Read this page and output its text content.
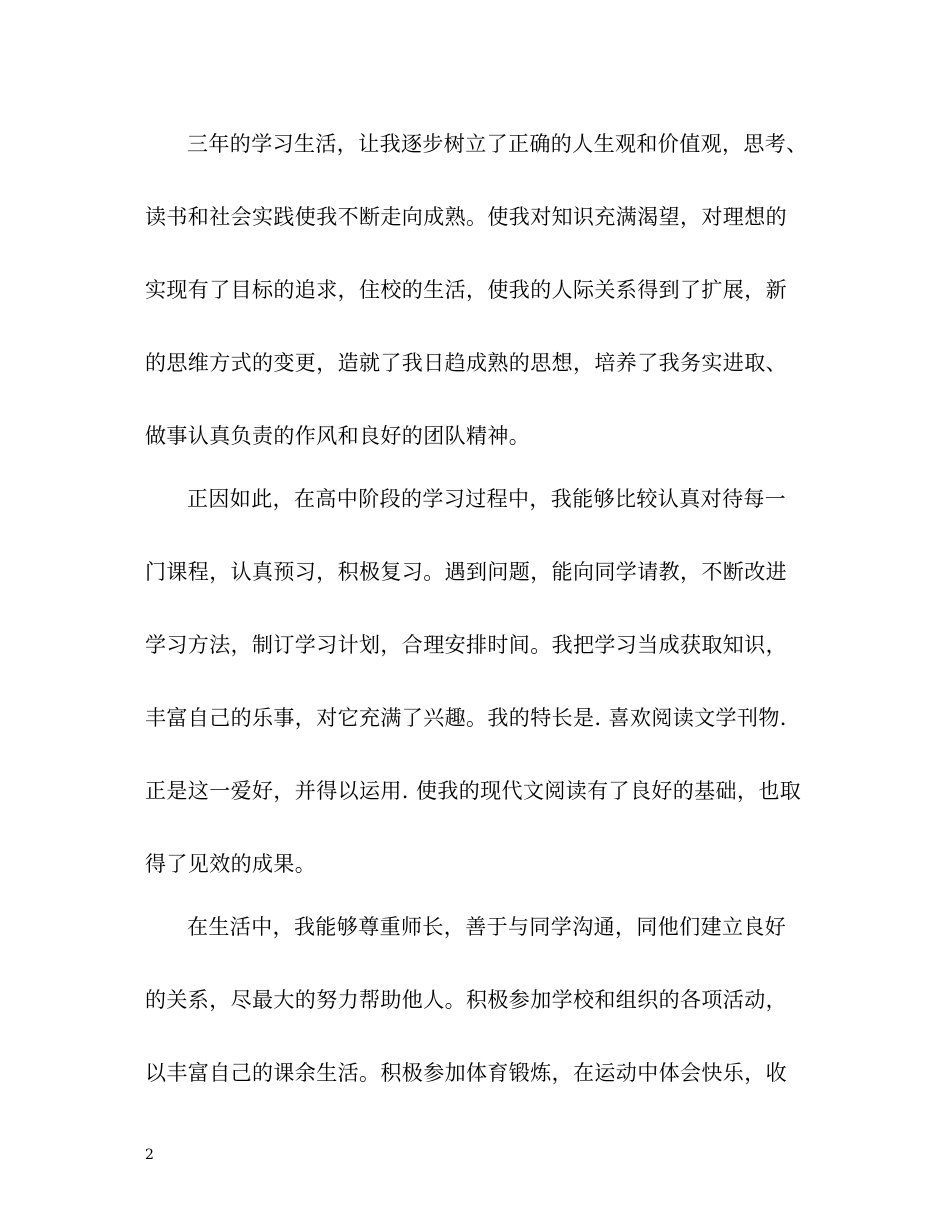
三年的学习生活，让我逐步树立了正确的人生观和价值观，思考、
读书和社会实践使我不断走向成熟。使我对知识充满渴望，对理想的
实现有了目标的追求，住校的生活，使我的人际关系得到了扩展，新
的思维方式的变更，造就了我日趋成熟的思想，培养了我务实进取、
做事认真负责的作风和良好的团队精神。
正因如此，在高中阶段的学习过程中，我能够比较认真对待每一
门课程，认真预习，积极复习。遇到问题，能向同学请教，不断改进
学习方法，制订学习计划，合理安排时间。我把学习当成获取知识，
丰富自己的乐事，对它充满了兴趣。我的特长是. 喜欢阅读文学刊物.
正是这一爱好，并得以运用. 使我的现代文阅读有了良好的基础，也取
得了见效的成果。
在生活中，我能够尊重师长，善于与同学沟通，同他们建立良好
的关系，尽最大的努力帮助他人。积极参加学校和组织的各项活动，
以丰富自己的课余生活。积极参加体育锻炼，在运动中体会快乐，收
2
